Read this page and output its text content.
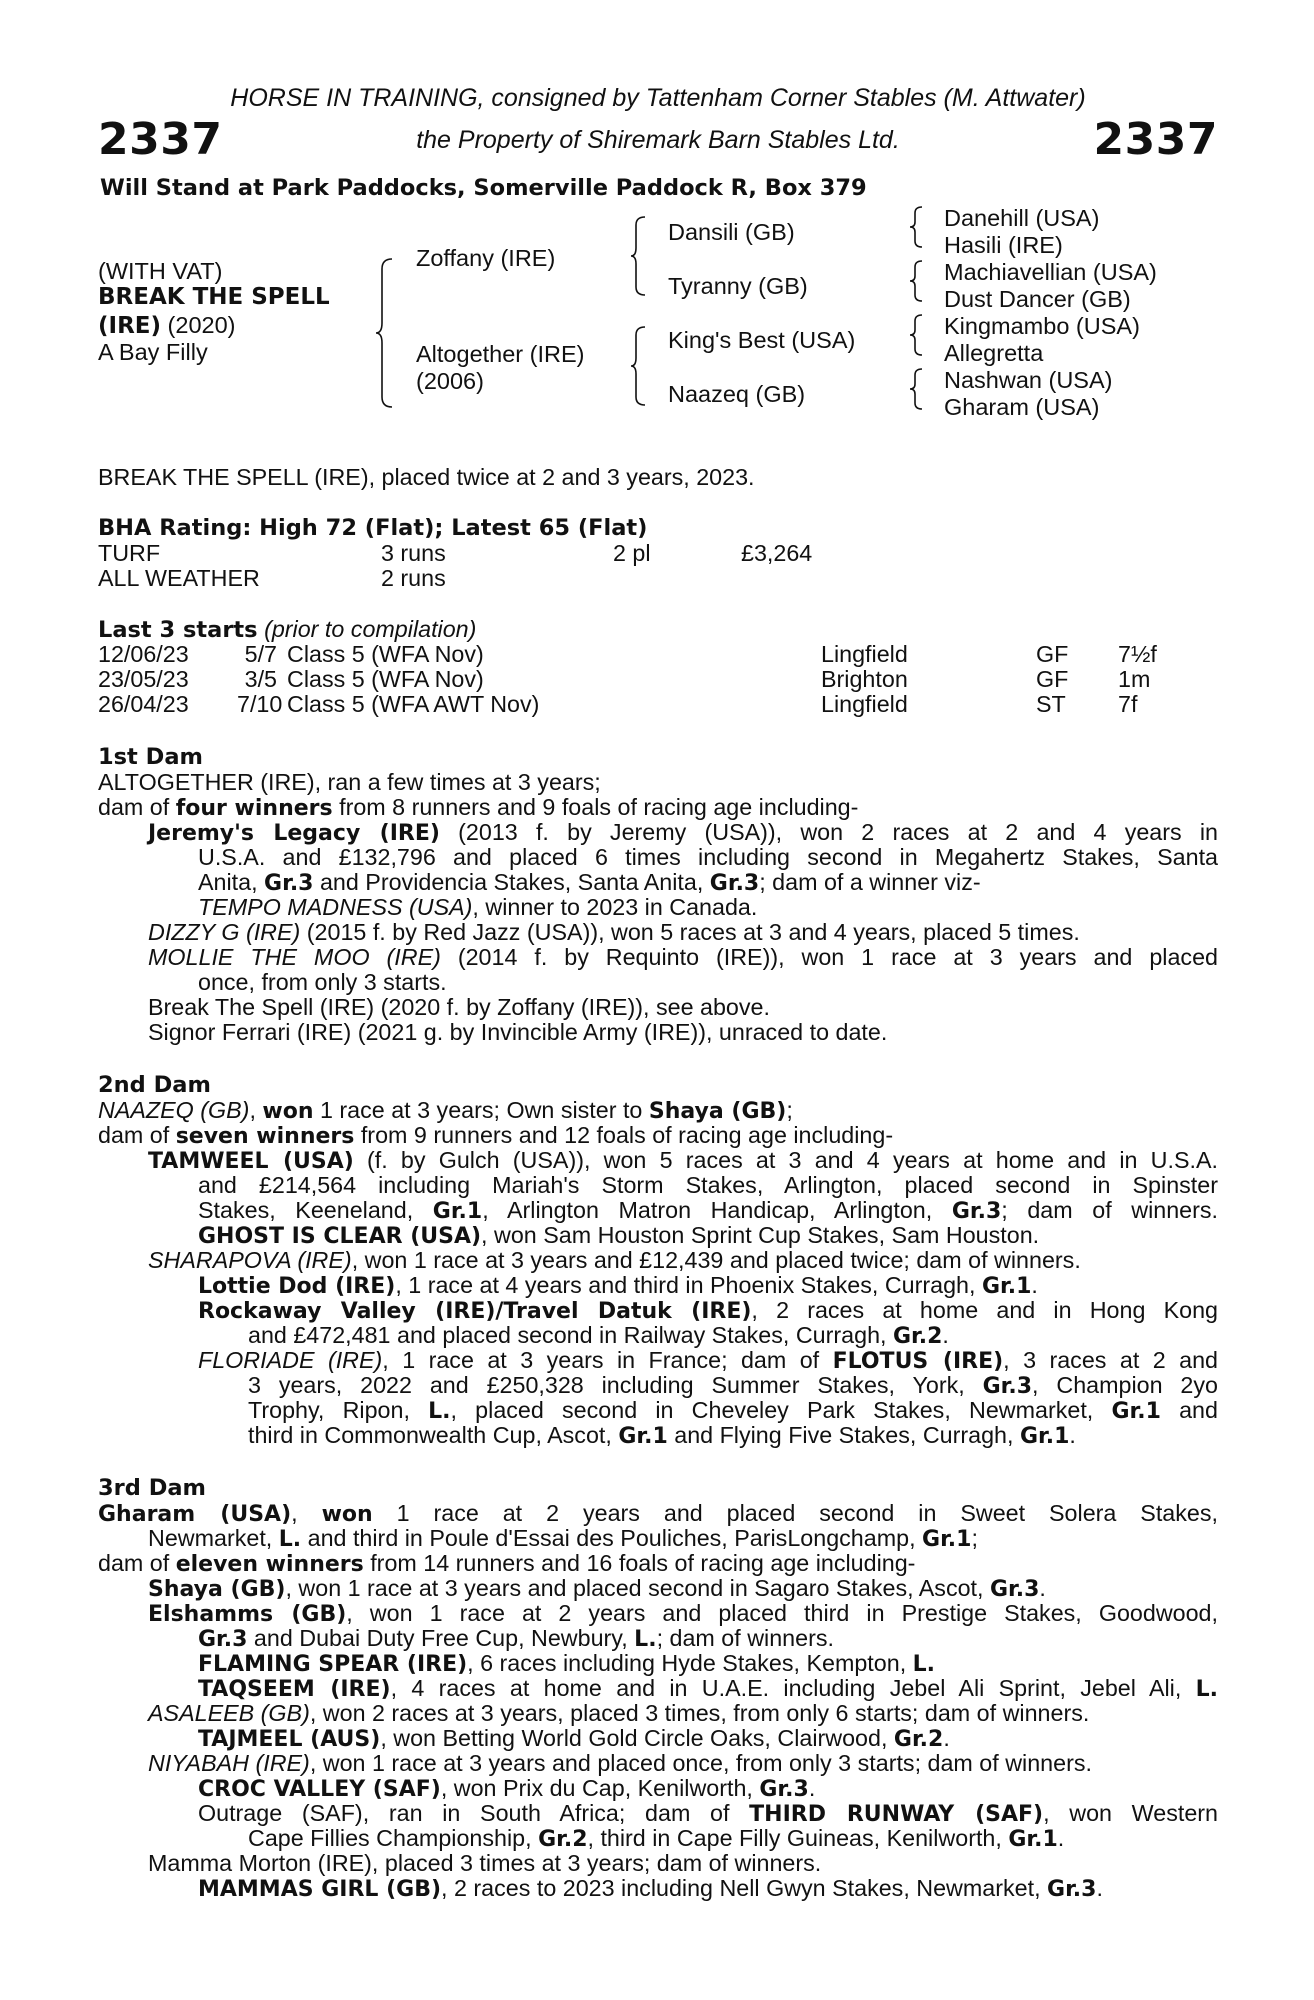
HORSE IN TRAINING, consigned by Tattenham Corner Stables (M. Attwater)
the Property of Shiremark Barn Stables Ltd.
2337	2337
Will Stand at Park Paddocks, Somerville Paddock R, Box 379
(WITH VAT)
BREAK THE SPELL
(IRE) (2020)
A Bay Filly
Zoffany (IRE)
Altogether (IRE)
(2006)
Dansili (GB)
Tyranny (GB)
King's Best (USA)
Naazeq (GB)
Danehill (USA)
Hasili (IRE)
Machiavellian (USA)
Dust Dancer (GB)
Kingmambo (USA)
Allegretta
Nashwan (USA)
Gharam (USA)
BREAK THE SPELL (IRE), placed twice at 2 and 3 years, 2023.
BHA Rating: High 72 (Flat); Latest 65 (Flat)
TURF	3 runs	2 pl	£3,264
ALL WEATHER	2 runs
Last 3 starts (prior to compilation)
12/06/23	5/7 Class 5 (WFA Nov)	Lingfield	GF 7½f
23/05/23	3/5 Class 5 (WFA Nov)	Brighton	GF 1m
26/04/23 7/10 Class 5 (WFA AWT Nov)	Lingfield	ST 7f
1st Dam
ALTOGETHER (IRE), ran a few times at 3 years;
dam of four winners from 8 runners and 9 foals of racing age including-
Jeremy's Legacy (IRE) (2013 f. by Jeremy (USA)), won 2 races at 2 and 4 years in
U.S.A. and £132,796 and placed 6 times including second in Megahertz Stakes, Santa
Anita, Gr.3 and Providencia Stakes, Santa Anita, Gr.3; dam of a winner viz-
TEMPO MADNESS (USA), winner to 2023 in Canada.
DIZZY G (IRE) (2015 f. by Red Jazz (USA)), won 5 races at 3 and 4 years, placed 5 times.
MOLLIE THE MOO (IRE) (2014 f. by Requinto (IRE)), won 1 race at 3 years and placed
once, from only 3 starts.
Break The Spell (IRE) (2020 f. by Zoffany (IRE)), see above.
Signor Ferrari (IRE) (2021 g. by Invincible Army (IRE)), unraced to date.
2nd Dam
NAAZEQ (GB), won 1 race at 3 years; Own sister to Shaya (GB);
dam of seven winners from 9 runners and 12 foals of racing age including-
TAMWEEL (USA) (f. by Gulch (USA)), won 5 races at 3 and 4 years at home and in U.S.A.
and £214,564 including Mariah's Storm Stakes, Arlington, placed second in Spinster
Stakes, Keeneland, Gr.1, Arlington Matron Handicap, Arlington, Gr.3; dam of winners.
GHOST IS CLEAR (USA), won Sam Houston Sprint Cup Stakes, Sam Houston.
SHARAPOVA (IRE), won 1 race at 3 years and £12,439 and placed twice; dam of winners.
Lottie Dod (IRE), 1 race at 4 years and third in Phoenix Stakes, Curragh, Gr.1.
Rockaway Valley (IRE)/Travel Datuk (IRE), 2 races at home and in Hong Kong
and £472,481 and placed second in Railway Stakes, Curragh, Gr.2.
FLORIADE (IRE), 1 race at 3 years in France; dam of FLOTUS (IRE), 3 races at 2 and
3 years, 2022 and £250,328 including Summer Stakes, York, Gr.3, Champion 2yo
Trophy, Ripon, L., placed second in Cheveley Park Stakes, Newmarket, Gr.1 and
third in Commonwealth Cup, Ascot, Gr.1 and Flying Five Stakes, Curragh, Gr.1.
3rd Dam
Gharam (USA), won 1 race at 2 years and placed second in Sweet Solera Stakes,
Newmarket, L. and third in Poule d'Essai des Pouliches, ParisLongchamp, Gr.1;
dam of eleven winners from 14 runners and 16 foals of racing age including-
Shaya (GB), won 1 race at 3 years and placed second in Sagaro Stakes, Ascot, Gr.3.
Elshamms (GB), won 1 race at 2 years and placed third in Prestige Stakes, Goodwood,
Gr.3 and Dubai Duty Free Cup, Newbury, L.; dam of winners.
FLAMING SPEAR (IRE), 6 races including Hyde Stakes, Kempton, L.
TAQSEEM (IRE), 4 races at home and in U.A.E. including Jebel Ali Sprint, Jebel Ali, L.
ASALEEB (GB), won 2 races at 3 years, placed 3 times, from only 6 starts; dam of winners.
TAJMEEL (AUS), won Betting World Gold Circle Oaks, Clairwood, Gr.2.
NIYABAH (IRE), won 1 race at 3 years and placed once, from only 3 starts; dam of winners.
CROC VALLEY (SAF), won Prix du Cap, Kenilworth, Gr.3.
Outrage (SAF), ran in South Africa; dam of THIRD RUNWAY (SAF), won Western
Cape Fillies Championship, Gr.2, third in Cape Filly Guineas, Kenilworth, Gr.1.
Mamma Morton (IRE), placed 3 times at 3 years; dam of winners.
MAMMAS GIRL (GB), 2 races to 2023 including Nell Gwyn Stakes, Newmarket, Gr.3.
